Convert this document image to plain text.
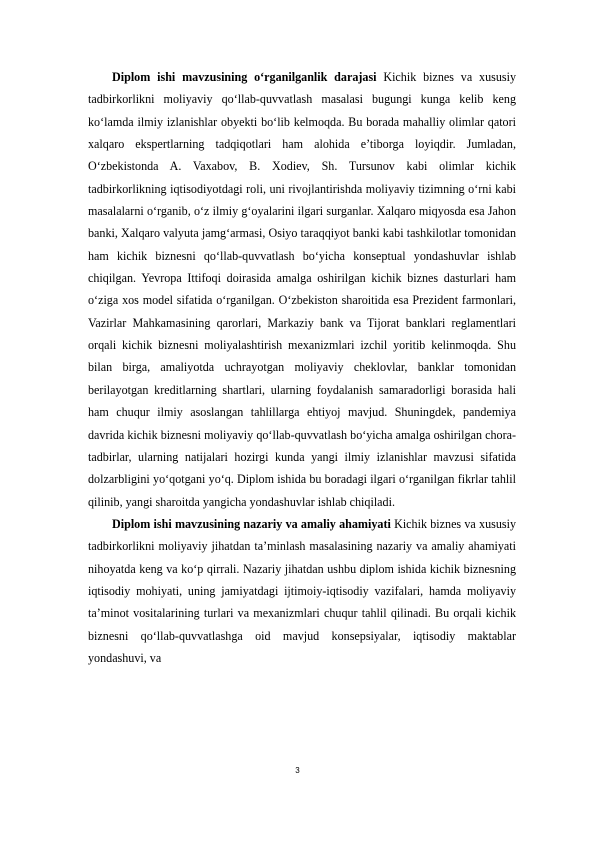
Diplom ishi mavzusining o‘rganilganlik darajasi Kichik biznes va xususiy tadbirkorlikni moliyaviy qo‘llab-quvvatlash masalasi bugungi kunga kelib keng ko‘lamda ilmiy izlanishlar obyekti bo‘lib kelmoqda. Bu borada mahalliy olimlar qatori xalqaro ekspertlarning tadqiqotlari ham alohida e’tiborga loyiqdir. Jumladan, O‘zbekistonda A. Vaxabov, B. Xodiev, Sh. Tursunov kabi olimlar kichik tadbirkorlikning iqtisodiyotdagi roli, uni rivojlantirishda moliyaviy tizimning o‘rni kabi masalalarni o‘rganib, o‘z ilmiy g‘oyalarini ilgari surganlar. Xalqaro miqyosda esa Jahon banki, Xalqaro valyuta jamg‘armasi, Osiyo taraqqiyot banki kabi tashkilotlar tomonidan ham kichik biznesni qo‘llab-quvvatlash bo‘yicha konseptual yondashuvlar ishlab chiqilgan. Yevropa Ittifoqi doirasida amalga oshirilgan kichik biznes dasturlari ham o‘ziga xos model sifatida o‘rganilgan. O‘zbekiston sharoitida esa Prezident farmonlari, Vazirlar Mahkamasining qarorlari, Markaziy bank va Tijorat banklari reglamentlari orqali kichik biznesni moliyalashtirish mexanizmlari izchil yoritib kelinmoqda. Shu bilan birga, amaliyotda uchrayotgan moliyaviy cheklovlar, banklar tomonidan berilayotgan kreditlarning shartlari, ularning foydalanish samaradorligi borasida hali ham chuqur ilmiy asoslangan tahlillarga ehtiyoj mavjud. Shuningdek, pandemiya davrida kichik biznesni moliyaviy qo‘llab-quvvatlash bo‘yicha amalga oshirilgan chora-tadbirlar, ularning natijalari hozirgi kunda yangi ilmiy izlanishlar mavzusi sifatida dolzarbligini yo‘qotgani yo‘q. Diplom ishida bu boradagi ilgari o‘rganilgan fikrlar tahlil qilinib, yangi sharoitda yangicha yondashuvlar ishlab chiqiladi.

Diplom ishi mavzusining nazariy va amaliy ahamiyati Kichik biznes va xususiy tadbirkorlikni moliyaviy jihatdan ta’minlash masalasining nazariy va amaliy ahamiyati nihoyatda keng va ko‘p qirrali. Nazariy jihatdan ushbu diplom ishida kichik biznesning iqtisodiy mohiyati, uning jamiyatdagi ijtimoiy-iqtisodiy vazifalari, hamda moliyaviy ta’minot vositalarining turlari va mexanizmlari chuqur tahlil qilinadi. Bu orqali kichik biznesni qo‘llab-quvvatlashga oid mavjud konsepsiyalar, iqtisodiy maktablar yondashuvi, va

3
